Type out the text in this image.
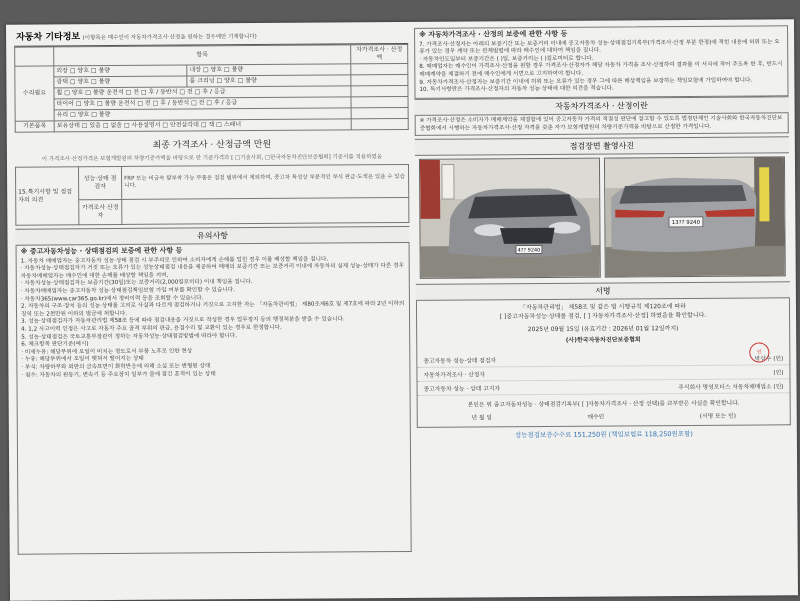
자동차 기타정보 (이항목은 매수인이 자동차가격조사·산정을 원하는 경우에만 기재합니다)
	항목		자가격조사 · 산정액
수리필요	외장 □ 양호 □ 불량	내장 □ 양호 □ 불량	
	광택 □ 양호 □ 불량	룸 크리닝 □ 양호 □ 불량	
	휠 □ 양호 □ 불량 운전석 □ 전 □ 후 / 동반석 □ 전 □ 후 / 응급		
	타이어 □ 양호 □ 불량 운전석 □ 전 □ 후 / 동반석 □ 전 □ 후 / 응급		
	유리 □ 양호 □ 불량		
기본품목	보유상태 □ 있음 □ 없음 □ 사용설명서 □ 안전삼각대 □ 잭 □ 스패너		
최종 가격조사 · 산정금액 만원
이 가격조사·산정가격은 보험개발원의 차량기준가액을 바탕으로 한 기준가격과 [ □기술사회, □한국자동차진단보증협회] 기준서를 적용하였음
15.특기사항 및 점검자의 의견	성능·상태 점검자	FRP 또는 비금속 탈부착 가능 부품은 점검 범위에서 제외하며, 중고차 특성상 부분적인 부식 판금·도색은 있을 수 있습니다.
	가격조사 산정자	
유의사항

※ 중고자동차성능 · 상태점검의 보증에 관한 사항 등

1. 자동차 매매업자는 중고자동차 성능·상태 점검 시 부주의로 인하여 소비자에게 손해를 입힌 경우 이를 배상할 책임을 집니다.

· 자동차성능·상태점검자가 거짓 또는 오류가 있는 성능상태점검 내용을 제공하여 매매의 보증기간 또는 보증거리 이내에 자동차의 실제 성능·상태가 다른 경우 자동차매매업자는 매수인에 대한 손해를 배상할 책임을 지며,

· 자동차성능·상태점검자는 보증기간(30일)또는 보증거리(2,000킬로미터) 이내 책임을 집니다.

· 자동차매매업자는 중고자동차 성능·상태점검책임보험 가입 여부를 확인할 수 있습니다.

· 자동차365(www.car365.go.kr)에서 정비이력 등을 조회할 수 있습니다.

2. 자동차의 구조·장치 등의 성능·상태를 고의로 사실과 다르게 점검하거나 거짓으로 고지한 자는 「자동차관리법」 제80조제6호 및 제7호에 따라 2년 이하의 징역 또는 2천만원 이하의 벌금에 처합니다.

3. 성능·상태점검자가 자동차관리법 제58조 등에 따라 점검내용을 거짓으로 작성한 경우 업무정지 등의 행정처분을 받을 수 있습니다.

4. 1,2 사고이력 인정은 사고로 자동차 주요 골격 부위의 판금, 용접수리 및 교환이 있는 경우로 한정합니다.

5. 성능·상태점검은 국토교통부장관이 정하는 자동차성능·상태점검방법에 따라야 합니다.

6. 체크항목 판단기준(예시)

· 미세누유: 해당부위에 오일이 비치는 정도로서 부품 노후로 인한 현상

· 누유: 해당부위에서 오일이 맺혀서 떨어지는 상태

· 부식: 차량하부와 외판의 금속표면이 화학반응에 의해 소실 또는 변형된 상태

· 침수: 자동차의 원동기, 변속기 등 주요장치 일부가 물에 잠긴 흔적이 있는 상태

※ 자동차가격조사 · 산정의 보증에 관한 사항 등

7. 가격조사·산정자는 아래의 보증기간 또는 보증거리 이내에 중고자동차 성능·상태점검기록부(가격조사·산정 부분 한정)에 적힌 내용에 허위 또는 오류가 있는 경우 계약 또는 관계법령에 따라 매수인에 대하여 책임을 집니다.

· 자동차인도일부터 보증기간은 ( )일, 보증거리는 ( )킬로미터로 합니다.

8. 매매업자는 매수인이 가격조사·산정을 원할 경우 가격조사·산정자가 해당 자동차 가격을 조사·산정하여 결과를 이 서식에 적어 주도록 한 후, 반드시 매매계약을 체결하기 전에 매수인에게 서면으로 고지하여야 합니다.

9. 자동차가격조사·산정자는 보증기간 이내에 허위 또는 오류가 있는 경우 그에 따른 배상책임을 보장하는 책임보험에 가입하여야 합니다.

10. 특기사항란은 가격조사·산정자의 자동차 성능·상태에 대한 의견을 적습니다.

자동차가격조사 · 산정이란

※ 가격조사·산정은 소비자가 매매계약을 체결함에 있어 중고자동차 가격의 적절성 판단에 참고할 수 있도록 법정단체인 기술사회와 한국자동차진단보증협회에서 시행하는 자동차가격조사·산정 자격을 갖춘 자가 보험개발원의 차량기준가액을 바탕으로 산정한 가격입니다.

점검장면 촬영사진
4?? 9240
13?? 9240
서명
「자동차관리법」 제58조 및 같은 법 시행규칙 제120조에 따라
[ ]중고자동차성능·상태를 점검, [ ] 자동차가격조사·산정] 하였음을 확인합니다.
2025년 09월 15일 (유효기간 : 2026년 01월 12일까지)
(사)한국자동차진단보증협회
인
중고자동차 성능·상태 점검자	박상수 (인)
자동차가격조사 · 산정자	(인)
중고자동차 성능 · 상태 고지자	주식회사 명성모터스 자동차매매업소 (인)
본인은 위 중고자동차성능 · 상태점검기록부( [ ]자동차가격조사 · 산정 선택)를 교부받은 사실을 확인합니다.
년 월 일	매수인	(서명 또는 인)
성능점검보증수수료 151,250원 (책임보험료 118,250원포함)
